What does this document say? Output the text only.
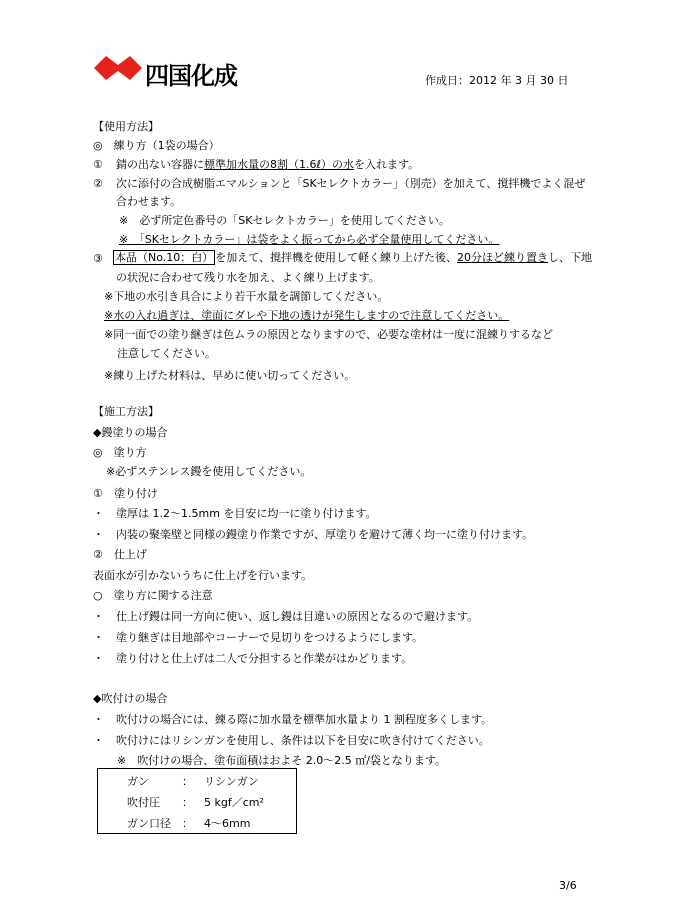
四国化成	作成日：2012 年 3 月 30 日
【使用方法】
◎　練り方（1袋の場合）
① 錆の出ない容器に標準加水量の8割（1.6ℓ）の水を入れます。
② 次に添付の合成樹脂エマルションと「SKセレクトカラー」（別売）を加えて、撹拌機でよく混ぜ
合わせます。
※　必ず所定色番号の「SKセレクトカラー」を使用してください。
※　「SKセレクトカラー」は袋をよく振ってから必ず全量使用してください。
③ 本品（No.10：白） を加えて、撹拌機を使用して軽く練り上げた後、20分ほど練り置きし、下地
の状況に合わせて残り水を加え、よく練り上げます。
※下地の水引き具合により若干水量を調節してください。
※水の入れ過ぎは、塗面にダレや下地の透けが発生しますので注意してください。
※同一面での塗り継ぎは色ムラの原因となりますので、必要な塗材は一度に混練りするなど
注意してください。
※練り上げた材料は、早めに使い切ってください。
【施工方法】
◆鏝塗りの場合
◎　塗り方
※必ずステンレス鏝を使用してください。
①　塗り付け
・ 塗厚は 1.2～1.5mm を目安に均一に塗り付けます。
・ 内装の聚楽壁と同様の鏝塗り作業ですが、厚塗りを避けて薄く均一に塗り付けます。
②　仕上げ
表面水が引かないうちに仕上げを行います。
○　塗り方に関する注意
・ 仕上げ鏝は同一方向に使い、返し鏝は目違いの原因となるので避けます。
・ 塗り継ぎは目地部やコーナーで見切りをつけるようにします。
・ 塗り付けと仕上げは二人で分担すると作業がはかどります。
◆吹付けの場合
・ 吹付けの場合には、練る際に加水量を標準加水量より 1 割程度多くします。
・ 吹付けにはリシンガンを使用し、条件は以下を目安に吹き付けてください。
※　吹付けの場合、塗布面積はおよそ 2.0～2.5 ㎡/袋となります。
ガン	： リシンガン
吹付圧 ： 5 kgf／cm²
ガン口径 ： 4～6mm
3/6
